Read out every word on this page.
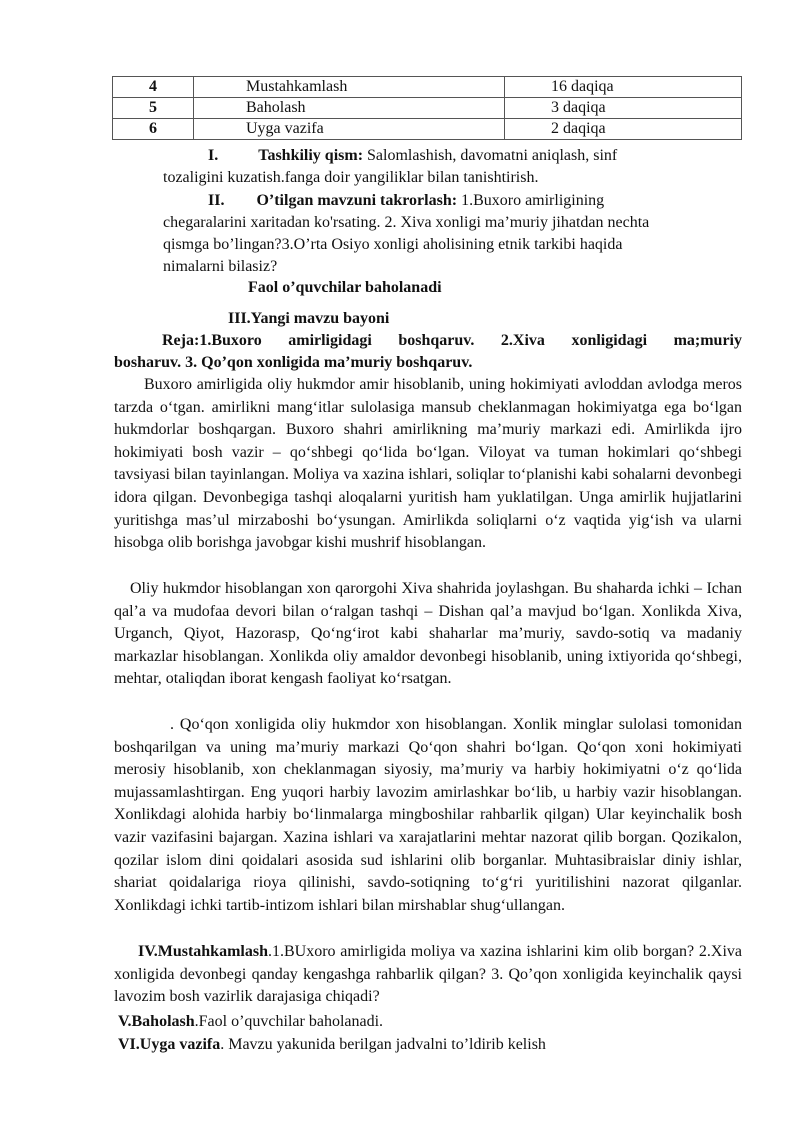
4	Mustahkamlash	16 daqiqa
5	Baholash	3 daqiqa
6	Uyga vazifa	2 daqiqa
I.	Tashkiliy qism: Salomlashish, davomatni aniqlash, sinf
tozaligini kuzatish.fanga doir yangiliklar bilan tanishtirish.
II. O’tilgan mavzuni takrorlash: 1.Buxoro amirligining
chegaralarini xaritadan ko'rsating. 2. Xiva xonligi ma’muriy jihatdan nechta
qismga bo’lingan?3.O’rta Osiyo xonligi aholisining etnik tarkibi haqida
nimalarni bilasiz?
Faol o’quvchilar baholanadi
III.Yangi mavzu bayoni
Reja:1.Buxoro amirligidagi boshqaruv. 2.Xiva xonligidagi ma;muriy
bosharuv. 3. Qo’qon xonligida ma’muriy boshqaruv.
Buxoro amirligida oliy hukmdor amir hisoblanib, uning hokimiyati avloddan avlodga meros tarzda o‘tgan. amirlikni mang‘itlar sulolasiga mansub cheklanmagan hokimiyatga ega bo‘lgan hukmdorlar boshqargan. Buxoro shahri amirlikning ma’muriy markazi edi. Amirlikda ijro hokimiyati bosh vazir – qo‘shbegi qo‘lida bo‘lgan. Viloyat va tuman hokimlari qo‘shbegi tavsiyasi bilan tayinlangan. Moliya va xazina ishlari, soliqlar to‘planishi kabi sohalarni devonbegi idora qilgan. Devonbegiga tashqi aloqalarni yuritish ham yuklatilgan. Unga amirlik hujjatlarini yuritishga mas’ul mirzaboshi bo‘ysungan. Amirlikda soliqlarni o‘z vaqtida yig‘ish va ularni hisobga olib borishga javobgar kishi mushrif hisoblangan.
Oliy hukmdor hisoblangan xon qarorgohi Xiva shahrida joylashgan. Bu shaharda ichki – Ichan qal’a va mudofaa devori bilan o‘ralgan tashqi – Dishan qal’a mavjud bo‘lgan. Xonlikda Xiva, Urganch, Qiyot, Hazorasp, Qo‘ng‘irot kabi shaharlar ma’muriy, savdo-sotiq va madaniy markazlar hisoblangan. Xonlikda oliy amaldor devonbegi hisoblanib, uning ixtiyorida qo‘shbegi, mehtar, otaliqdan iborat kengash faoliyat ko‘rsatgan.
. Qo‘qon xonligida oliy hukmdor xon hisoblangan. Xonlik minglar sulolasi tomonidan boshqarilgan va uning ma’muriy markazi Qo‘qon shahri bo‘lgan. Qo‘qon xoni hokimiyati merosiy hisoblanib, xon cheklanmagan siyosiy, ma’muriy va harbiy hokimiyatni o‘z qo‘lida mujassamlashtirgan. Eng yuqori harbiy lavozim amirlashkar bo‘lib, u harbiy vazir hisoblangan. Xonlikdagi alohida harbiy bo‘linmalarga mingboshilar rahbarlik qilgan) Ular keyinchalik bosh vazir vazifasini bajargan. Xazina ishlari va xarajatlarini mehtar nazorat qilib borgan. Qozikalon, qozilar islom dini qoidalari asosida sud ishlarini olib borganlar. Muhtasibraislar diniy ishlar, shariat qoidalariga rioya qilinishi, savdo-sotiqning to‘g‘ri yuritilishini nazorat qilganlar. Xonlikdagi ichki tartib-intizom ishlari bilan mirshablar shug‘ullangan.
IV.Mustahkamlash.1.BUxoro amirligida moliya va xazina ishlarini kim olib borgan? 2.Xiva xonligida devonbegi qanday kengashga rahbarlik qilgan? 3. Qo’qon xonligida keyinchalik qaysi lavozim bosh vazirlik darajasiga chiqadi?
V.Baholash.Faol o’quvchilar baholanadi.
VI.Uyga vazifa. Mavzu yakunida berilgan jadvalni to’ldirib kelish
